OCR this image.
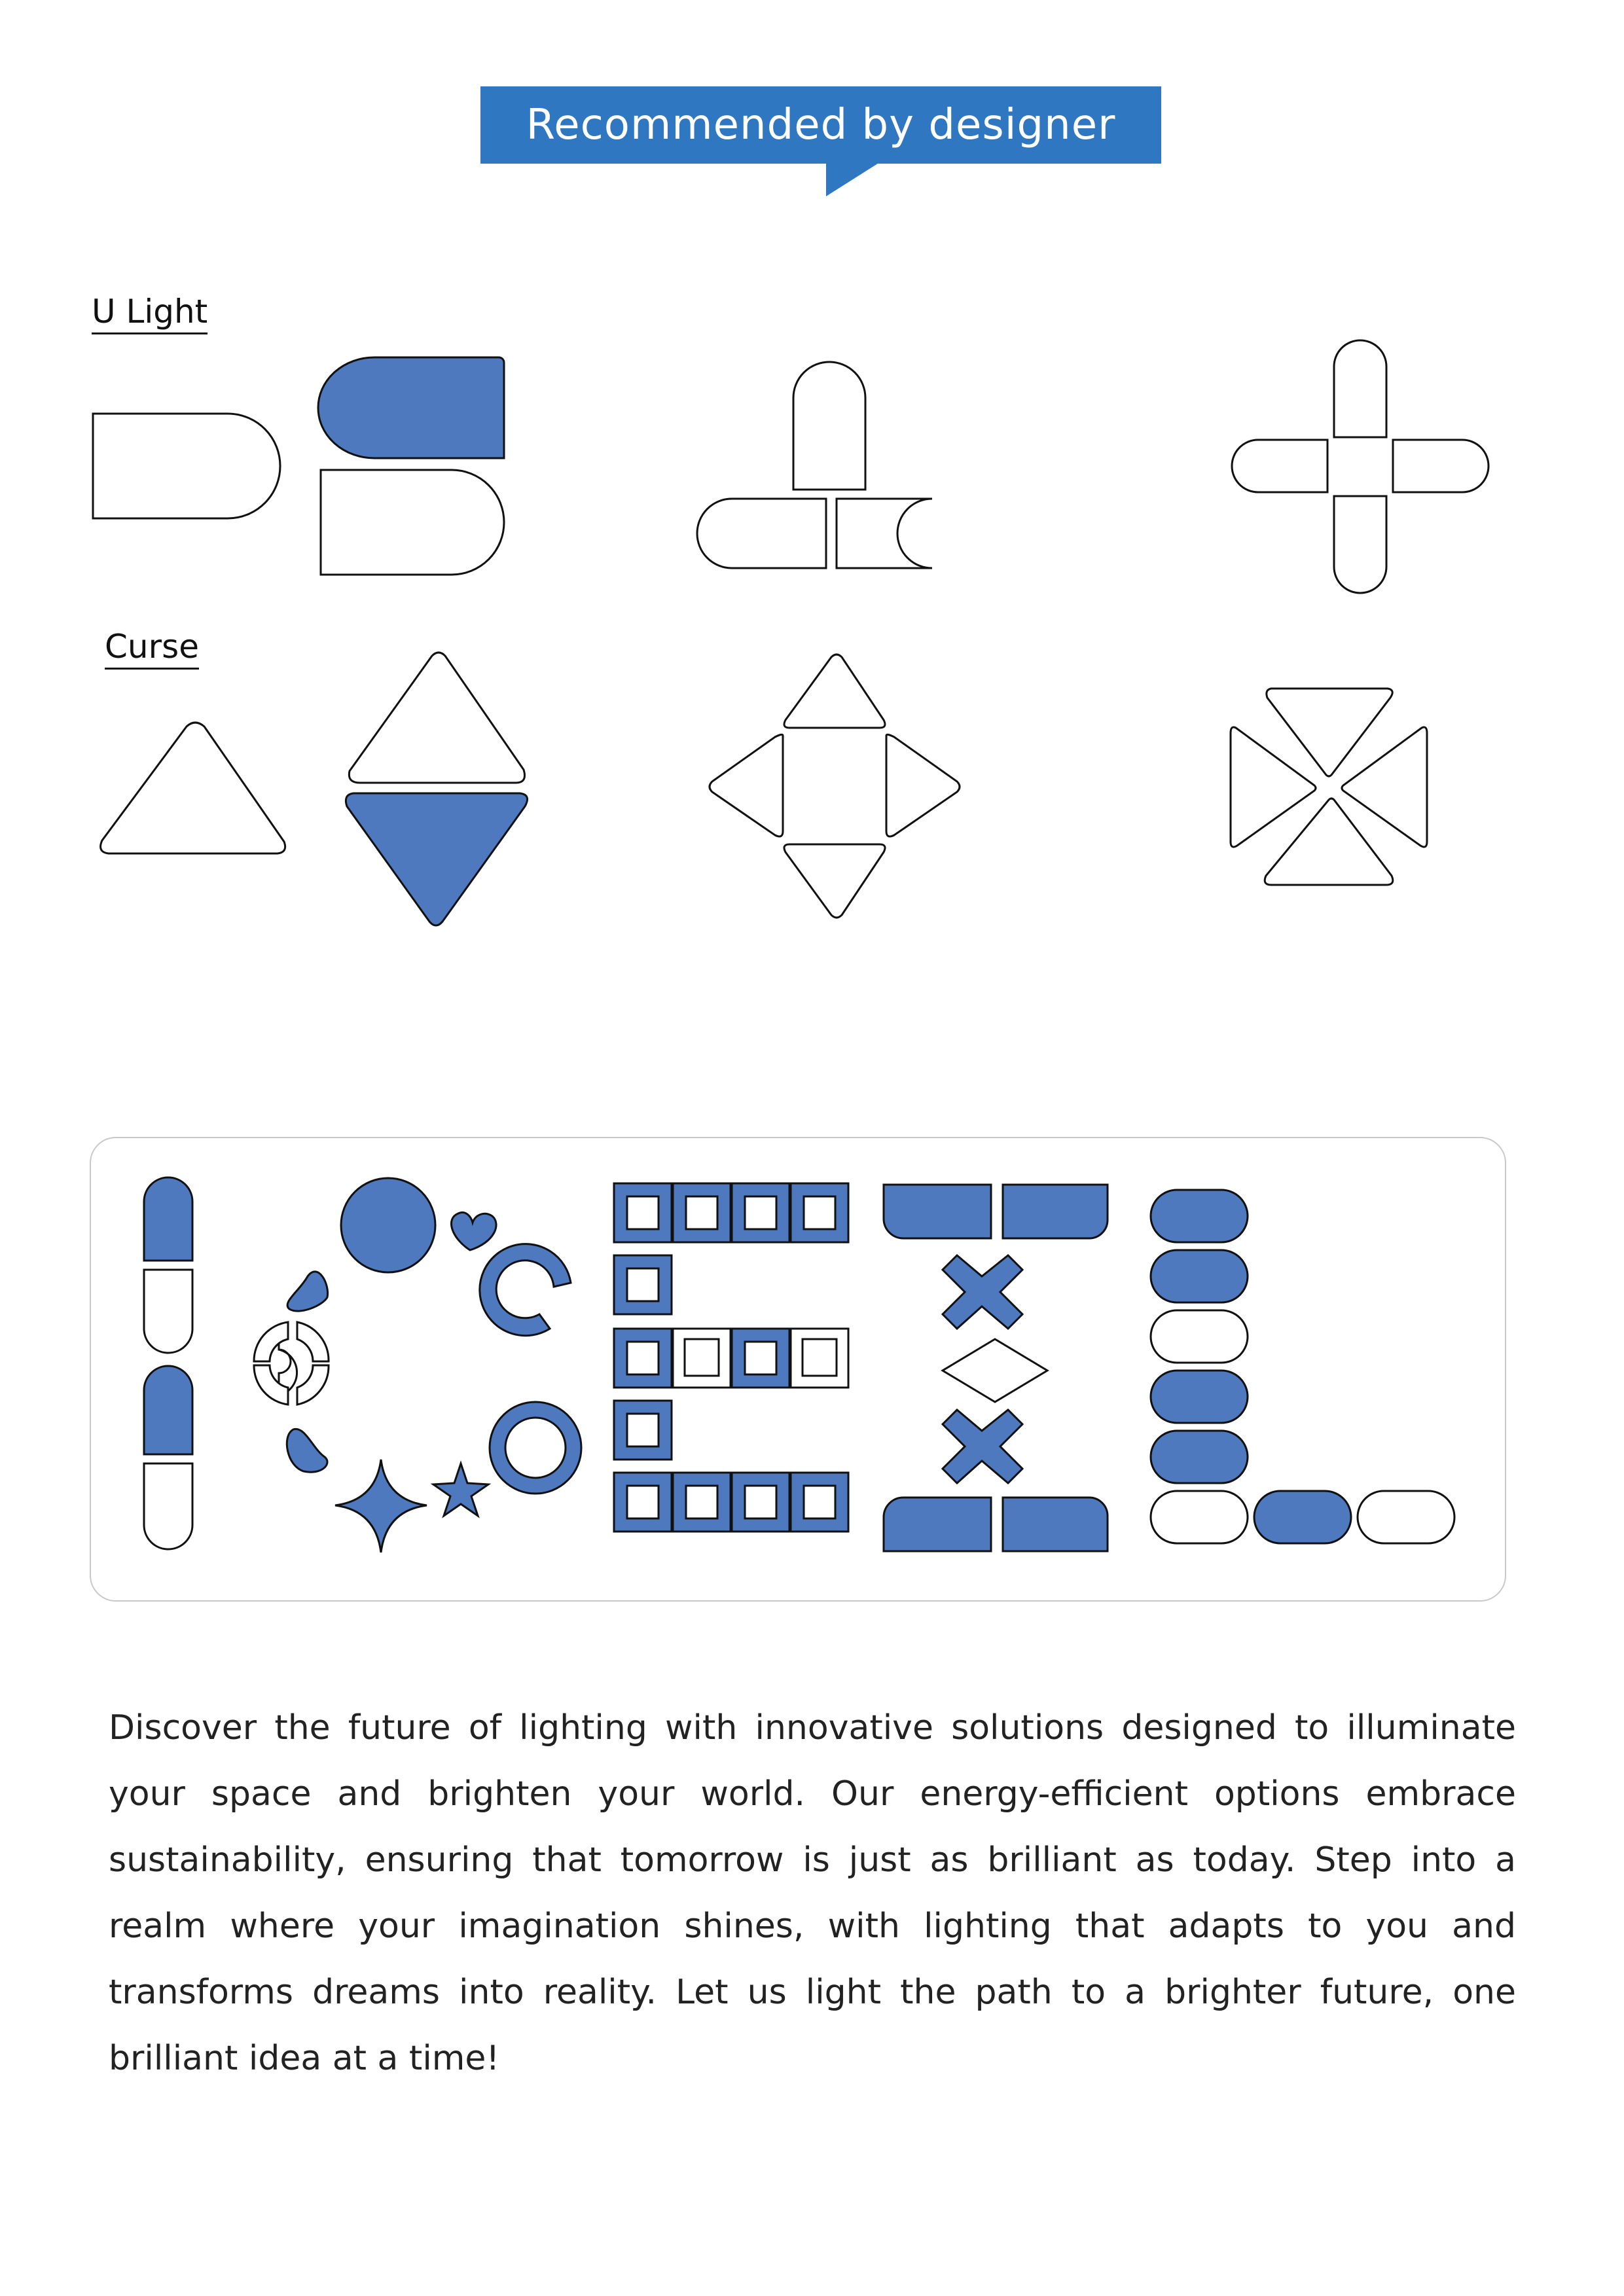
Recommended by designer
U Light
Curse

Discover the future of lighting with innovative solutions designed to illuminate your space and brighten your world. Our energy-efficient options embrace sustainability, ensuring that tomorrow is just as brilliant as today. Step into a realm where your imagination shines, with lighting that adapts to you and transforms dreams into reality. Let us light the path to a brighter future, one brilliant idea at a time!
